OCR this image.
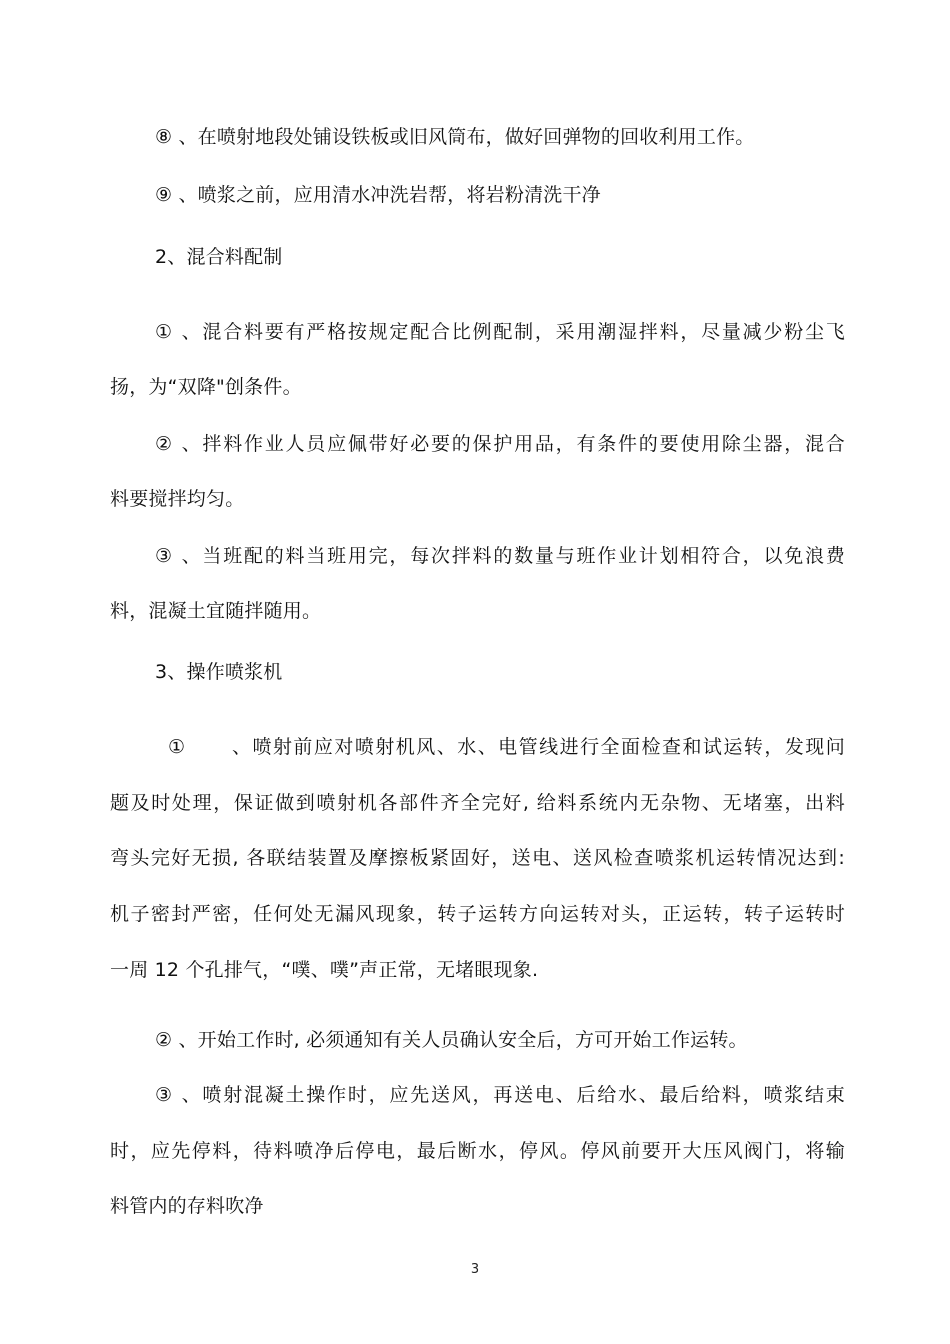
⑧ 、在喷射地段处铺设铁板或旧风筒布，做好回弹物的回收利用工作。
⑨ 、喷浆之前，应用清水冲洗岩帮，将岩粉清洗干净
2、混合料配制
① 、混合料要有严格按规定配合比例配制，采用潮湿拌料，尽量减少粉尘飞
扬，为“双降"创条件。
② 、拌料作业人员应佩带好必要的保护用品，有条件的要使用除尘器，混合
料要搅拌均匀。
③ 、当班配的料当班用完，每次拌料的数量与班作业计划相符合，以免浪费
料，混凝土宜随拌随用。
3、操作喷浆机
①	、喷射前应对喷射机风、水、电管线进行全面检查和试运转，发现问
题及时处理，保证做到喷射机各部件齐全完好, 给料系统内无杂物、无堵塞，出料
弯头完好无损, 各联结装置及摩擦板紧固好，送电、送风检查喷浆机运转情况达到:
机子密封严密，任何处无漏风现象，转子运转方向运转对头，正运转，转子运转时
一周 12 个孔排气，“噗、噗”声正常，无堵眼现象.
② 、开始工作时, 必须通知有关人员确认安全后，方可开始工作运转。
③ 、喷射混凝土操作时，应先送风，再送电、后给水、最后给料，喷浆结束
时，应先停料，待料喷净后停电，最后断水，停风。停风前要开大压风阀门，将输
料管内的存料吹净
3
